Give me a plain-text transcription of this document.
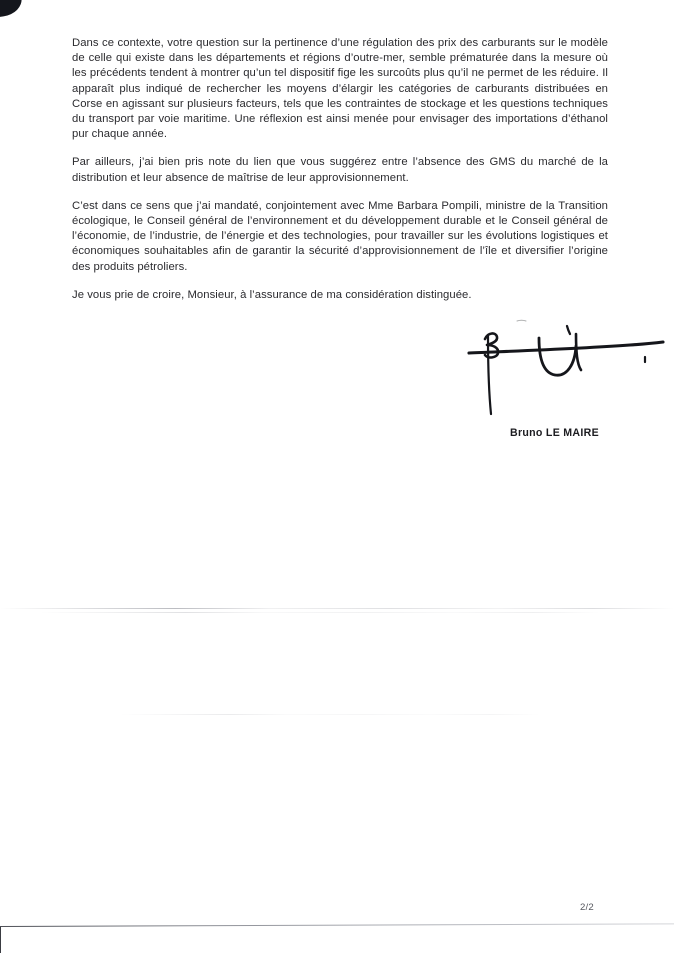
Dans ce contexte, votre question sur la pertinence d’une régulation des prix des carburants sur le modèle de celle qui existe dans les départements et régions d’outre-mer, semble prématurée dans la mesure où les précédents tendent à montrer qu’un tel dispositif fige les surcoûts plus qu’il ne permet de les réduire. Il apparaît plus indiqué de rechercher les moyens d’élargir les catégories de carburants distribuées en Corse en agissant sur plusieurs facteurs, tels que les contraintes de stockage et les questions techniques du transport par voie maritime. Une réflexion est ainsi menée pour envisager des importations d’éthanol pur chaque année.

Par ailleurs, j’ai bien pris note du lien que vous suggérez entre l’absence des GMS du marché de la distribution et leur absence de maîtrise de leur approvisionnement.

C’est dans ce sens que j’ai mandaté, conjointement avec Mme Barbara Pompili, ministre de la Transition écologique, le Conseil général de l’environnement et du développement durable et le Conseil général de l’économie, de l’industrie, de l’énergie et des technologies, pour travailler sur les évolutions logistiques et économiques souhaitables afin de garantir la sécurité d’approvisionnement de l’île et diversifier l’origine des produits pétroliers.

Je vous prie de croire, Monsieur, à l’assurance de ma considération distinguée.

Bruno LE MAIRE
2/2
